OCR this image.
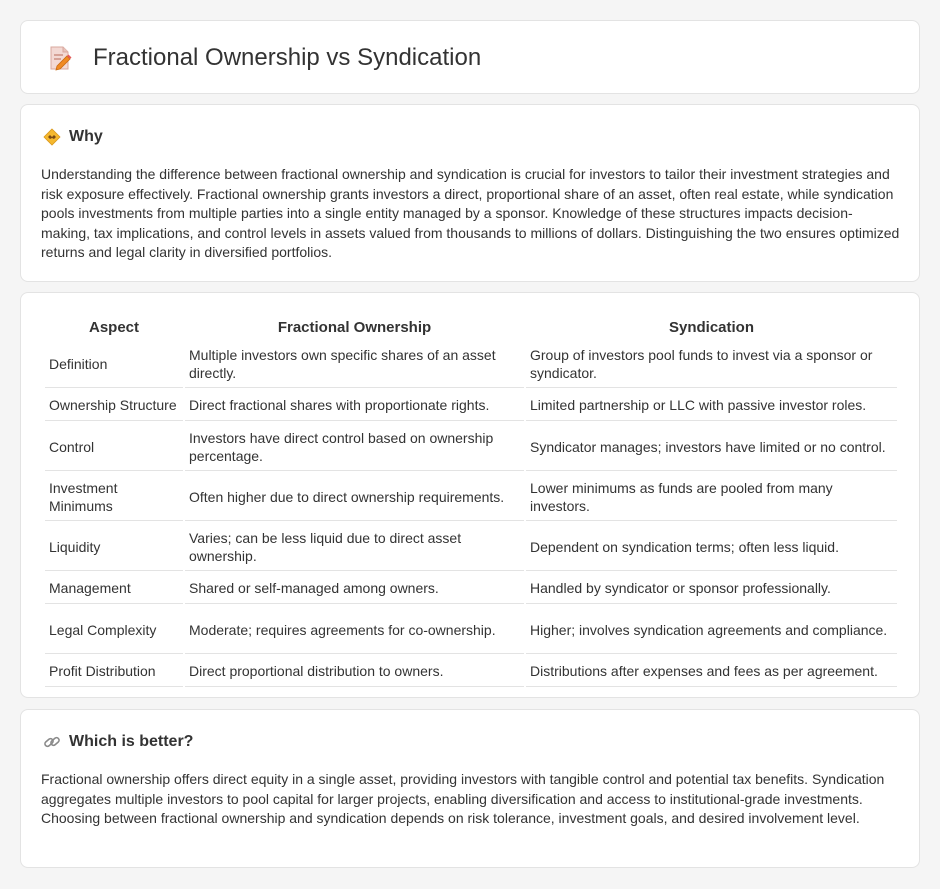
Fractional Ownership vs Syndication
Why

Understanding the difference between fractional ownership and syndication is crucial for investors to tailor their investment strategies and risk exposure effectively. Fractional ownership grants investors a direct, proportional share of an asset, often real estate, while syndication pools investments from multiple parties into a single entity managed by a sponsor. Knowledge of these structures impacts decision-making, tax implications, and control levels in assets valued from thousands to millions of dollars. Distinguishing the two ensures optimized returns and legal clarity in diversified portfolios.

Aspect	Fractional Ownership	Syndication
Definition	Multiple investors own specific shares of an asset directly.	Group of investors pool funds to invest via a sponsor or syndicator.
Ownership Structure	Direct fractional shares with proportionate rights.	Limited partnership or LLC with passive investor roles.
Control	Investors have direct control based on ownership percentage.	Syndicator manages; investors have limited or no control.
Investment Minimums	Often higher due to direct ownership requirements.	Lower minimums as funds are pooled from many investors.
Liquidity	Varies; can be less liquid due to direct asset ownership.	Dependent on syndication terms; often less liquid.
Management	Shared or self-managed among owners.	Handled by syndicator or sponsor professionally.
Legal Complexity	Moderate; requires agreements for co-ownership.	Higher; involves syndication agreements and compliance.
Profit Distribution	Direct proportional distribution to owners.	Distributions after expenses and fees as per agreement.
Which is better?

Fractional ownership offers direct equity in a single asset, providing investors with tangible control and potential tax benefits. Syndication aggregates multiple investors to pool capital for larger projects, enabling diversification and access to institutional-grade investments. Choosing between fractional ownership and syndication depends on risk tolerance, investment goals, and desired involvement level.
